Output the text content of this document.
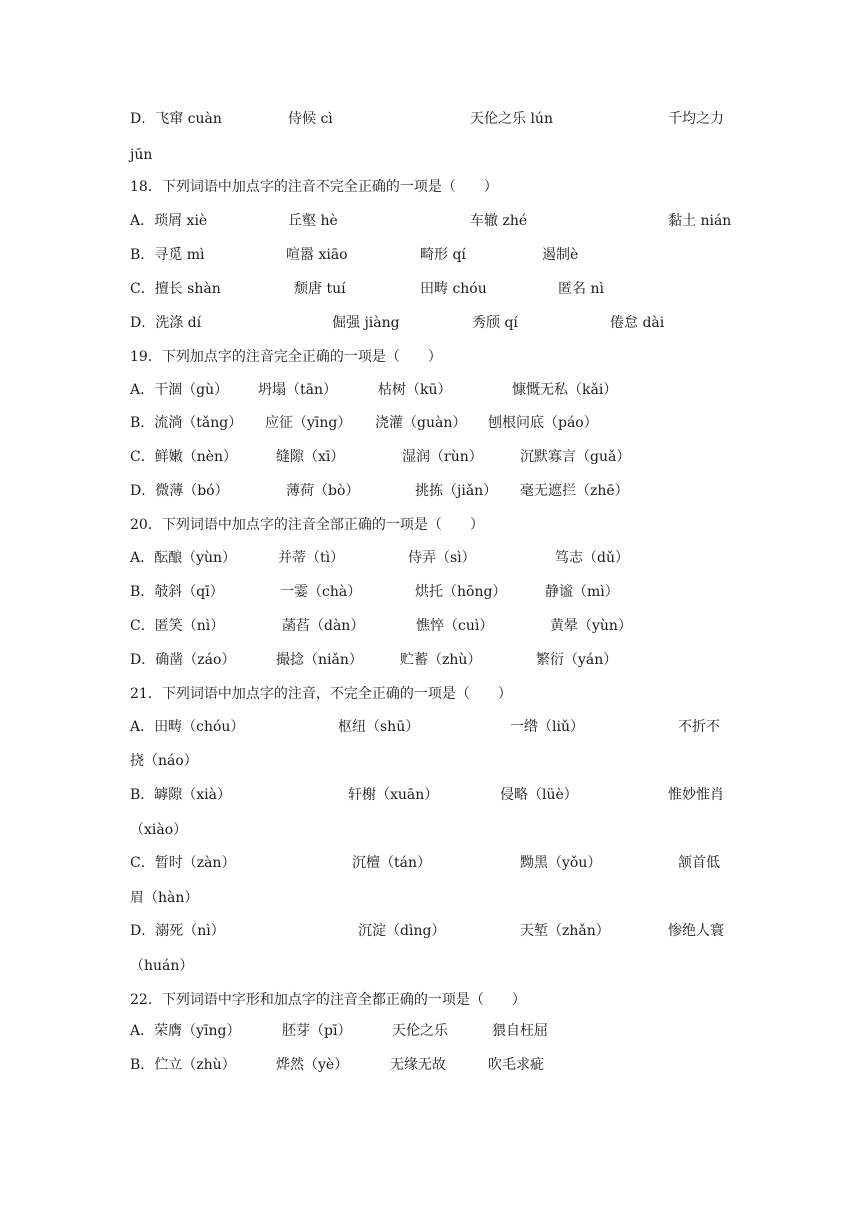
D．飞窜 cuàn	侍候 cì	天伦之乐 lún	千均之力
jūn
18．下列词语中加点字的注音不完全正确的一项是（　　）
A．琐屑 xiè	丘壑 hè	车辙 zhé	黏土 nián
B．寻觅 mì	喧嚣 xiāo	畸形 qí	遏制è
C．擅长 shàn	颓唐 tuí	田畴 chóu	匿名 nì
D．洗涤 dí	倔强 jiàng	秀颀 qí	倦怠 dài
19．下列加点字的注音完全正确的一项是（　　）
A．干涸（gù） 坍塌（tān）	枯树（kū）	慷慨无私（kǎi）
B．流淌（tǎng） 应征（yīng） 浇灌（guàn） 刨根问底（páo）
C．鲜嫩（nèn）	缝隙（xī）	湿润（rùn）	沉默寡言（guǎ）
D．微薄（bó）	薄荷（bò）	挑拣（jiǎn） 毫无遮拦（zhē）
20．下列词语中加点字的注音全部正确的一项是（　　）
A．酝酿（yùn）	并蒂（tì）	侍弄（sì）	笃志（dǔ）
B．攲斜（qī）	一霎（chà）	烘托（hōng）	静谧（mì）
C．匿笑（nì）	菡萏（dàn）	憔悴（cuì）	黄晕（yùn）
D．确凿（záo）	撮捻（niǎn）	贮蓄（zhù）	繁衍（yán）
21．下列词语中加点字的注音，不完全正确的一项是（　　）
A．田畴（chóu）	枢纽（shū）	一绺（liǔ）	不折不
挠（náo）
B．罅隙（xià）	轩榭（xuān）	侵略（lüè）	惟妙惟肖
（xiào）
C．暂时（zàn）	沉檀（tán）	黝黑（yǒu）	颔首低
眉（hàn）
D．溺死（nì）	沉淀（dìng）	天堑（zhǎn）	惨绝人寰
（huán）
22．下列词语中字形和加点字的注音全都正确的一项是（　　）
A．荣膺（yīng）	胚芽（pī）	天伦之乐	猥自枉屈
B．伫立（zhù）	烨然（yè）	无缘无故	吹毛求疵
